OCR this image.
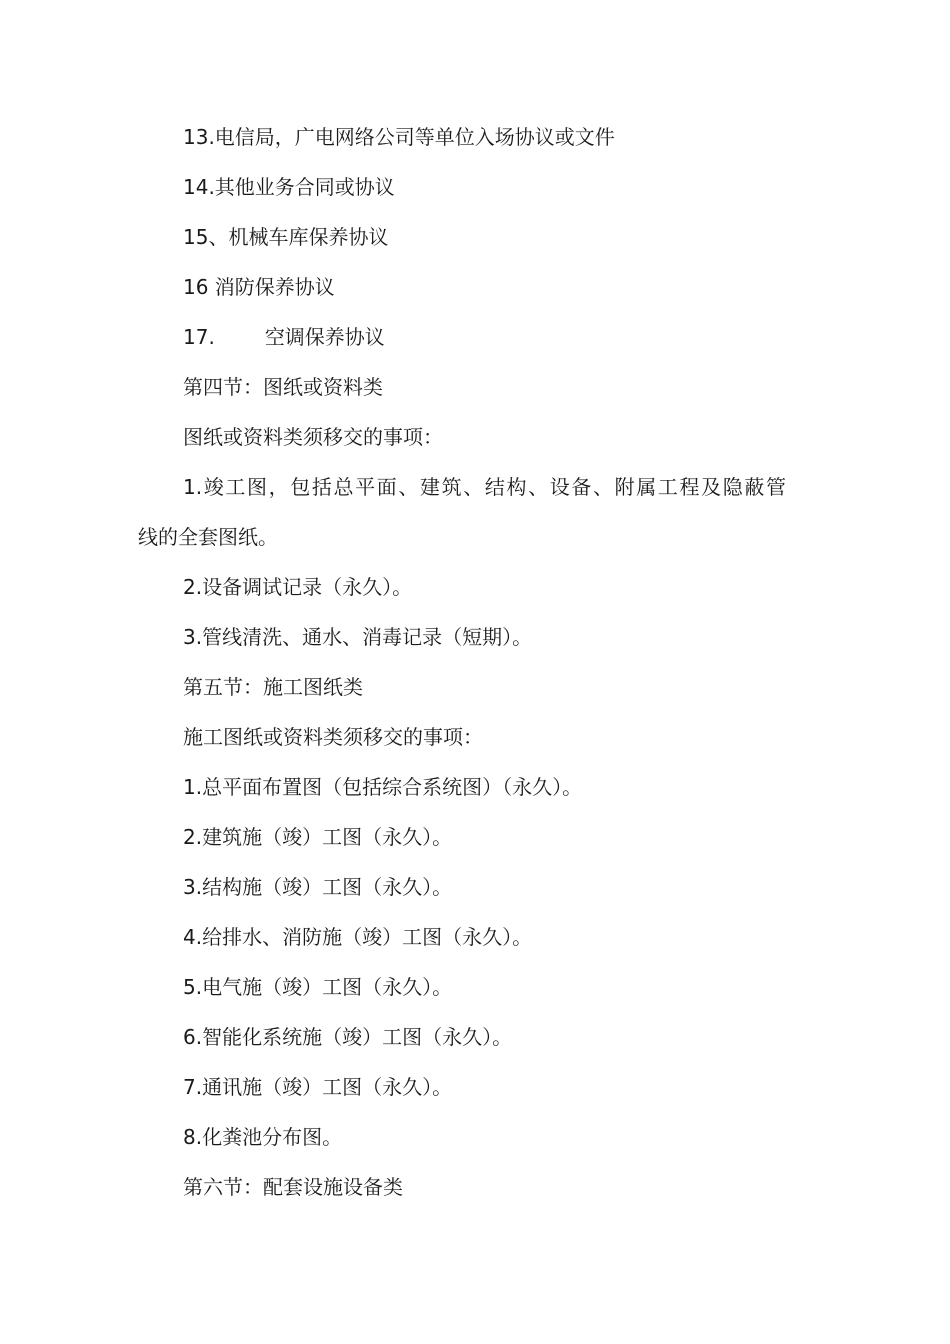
13.电信局，广电网络公司等单位入场协议或文件

14.其他业务合同或协议

15、机械车库保养协议

16 消防保养协议

17.	空调保养协议

第四节：图纸或资料类

图纸或资料类须移交的事项：

1.竣工图，包括总平面、建筑、结构、设备、附属工程及隐蔽管

线的全套图纸。

2.设备调试记录（永久）。

3.管线清洗、通水、消毒记录（短期）。

第五节：施工图纸类

施工图纸或资料类须移交的事项：

1.总平面布置图（包括综合系统图）（永久）。

2.建筑施（竣）工图（永久）。

3.结构施（竣）工图（永久）。

4.给排水、消防施（竣）工图（永久）。

5.电气施（竣）工图（永久）。

6.智能化系统施（竣）工图（永久）。

7.通讯施（竣）工图（永久）。

8.化粪池分布图。

第六节：配套设施设备类
